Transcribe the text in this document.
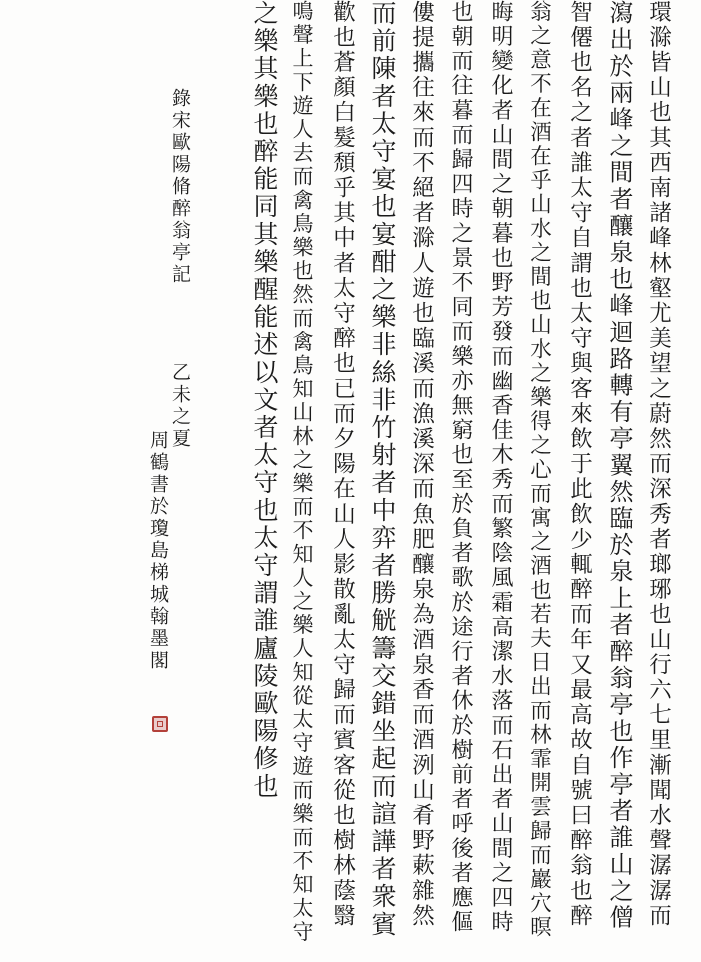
環滁皆山也其西南諸峰林壑尤美望之蔚然而深秀者瑯琊也山行六七里漸聞水聲潺潺而
瀉出於兩峰之間者釀泉也峰迴路轉有亭翼然臨於泉上者醉翁亭也作亭者誰山之僧
智僊也名之者誰太守自謂也太守與客來飲于此飲少輒醉而年又最高故自號曰醉翁也醉
翁之意不在酒在乎山水之間也山水之樂得之心而寓之酒也若夫日出而林霏開雲歸而巖穴暝
晦明變化者山間之朝暮也野芳發而幽香佳木秀而繁陰風霜高潔水落而石出者山間之四時
也朝而往暮而歸四時之景不同而樂亦無窮也至於負者歌於途行者休於樹前者呼後者應傴
僂提攜往來而不絕者滁人遊也臨溪而漁溪深而魚肥釀泉為酒泉香而酒洌山肴野蔌雜然
而前陳者太守宴也宴酣之樂非絲非竹射者中弈者勝觥籌交錯坐起而諠譁者衆賓
歡也蒼顏白髮頹乎其中者太守醉也已而夕陽在山人影散亂太守歸而賓客從也樹林蔭翳
鳴聲上下遊人去而禽鳥樂也然而禽鳥知山林之樂而不知人之樂人知從太守遊而樂而不知太守
之樂其樂也醉能同其樂醒能述以文者太守也太守謂誰廬陵歐陽修也
錄宋歐陽脩醉翁亭記
乙未之夏
周鶴書於瓊島梯城翰墨閣
